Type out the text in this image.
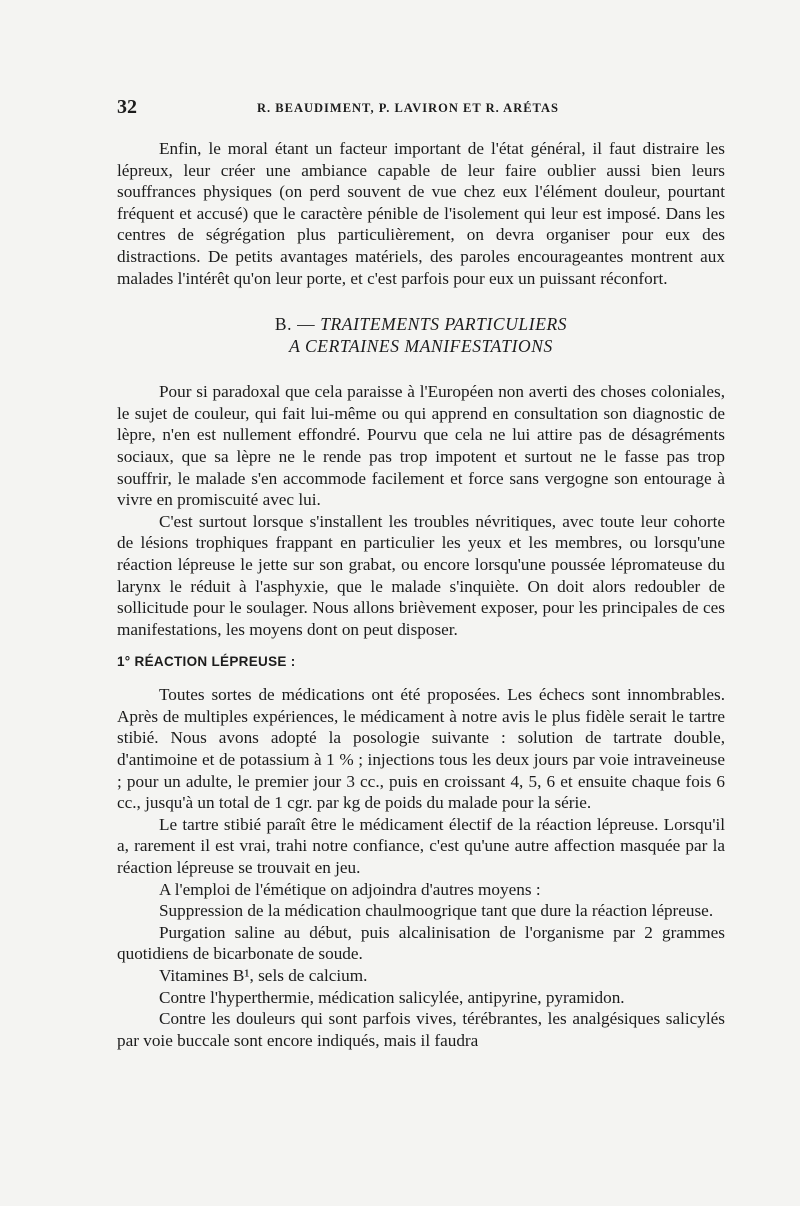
32	R. BEAUDIMENT, P. LAVIRON ET R. ARÉTAS

Enfin, le moral étant un facteur important de l'état général, il faut distraire les lépreux, leur créer une ambiance capable de leur faire oublier aussi bien leurs souffrances physiques (on perd souvent de vue chez eux l'élément douleur, pourtant fréquent et accusé) que le caractère pénible de l'isolement qui leur est imposé. Dans les centres de ségrégation plus particulièrement, on devra organiser pour eux des distractions. De petits avantages matériels, des paroles encourageantes montrent aux malades l'intérêt qu'on leur porte, et c'est parfois pour eux un puissant réconfort.

B. — TRAITEMENTS PARTICULIERS

A CERTAINES MANIFESTATIONS

Pour si paradoxal que cela paraisse à l'Européen non averti des choses coloniales, le sujet de couleur, qui fait lui-même ou qui apprend en consultation son diagnostic de lèpre, n'en est nullement effondré. Pourvu que cela ne lui attire pas de désagréments sociaux, que sa lèpre ne le rende pas trop impotent et surtout ne le fasse pas trop souffrir, le malade s'en accommode facilement et force sans vergogne son entourage à vivre en promiscuité avec lui.

C'est surtout lorsque s'installent les troubles névritiques, avec toute leur cohorte de lésions trophiques frappant en particulier les yeux et les membres, ou lorsqu'une réaction lépreuse le jette sur son grabat, ou encore lorsqu'une poussée lépromateuse du larynx le réduit à l'asphyxie, que le malade s'inquiète. On doit alors redoubler de sollicitude pour le soulager. Nous allons brièvement exposer, pour les principales de ces manifestations, les moyens dont on peut disposer.

1° RÉACTION LÉPREUSE :

Toutes sortes de médications ont été proposées. Les échecs sont innombrables. Après de multiples expériences, le médicament à notre avis le plus fidèle serait le tartre stibié. Nous avons adopté la posologie suivante : solution de tartrate double, d'antimoine et de potassium à 1 % ; injections tous les deux jours par voie intraveineuse ; pour un adulte, le premier jour 3 cc., puis en croissant 4, 5, 6 et ensuite chaque fois 6 cc., jusqu'à un total de 1 cgr. par kg de poids du malade pour la série.

Le tartre stibié paraît être le médicament électif de la réaction lépreuse. Lorsqu'il a, rarement il est vrai, trahi notre confiance, c'est qu'une autre affection masquée par la réaction lépreuse se trouvait en jeu.

A l'emploi de l'émétique on adjoindra d'autres moyens :

Suppression de la médication chaulmoogrique tant que dure la réaction lépreuse.

Purgation saline au début, puis alcalinisation de l'organisme par 2 grammes quotidiens de bicarbonate de soude.

Vitamines B¹, sels de calcium.

Contre l'hyperthermie, médication salicylée, antipyrine, pyramidon.

Contre les douleurs qui sont parfois vives, térébrantes, les analgésiques salicylés par voie buccale sont encore indiqués, mais il faudra
